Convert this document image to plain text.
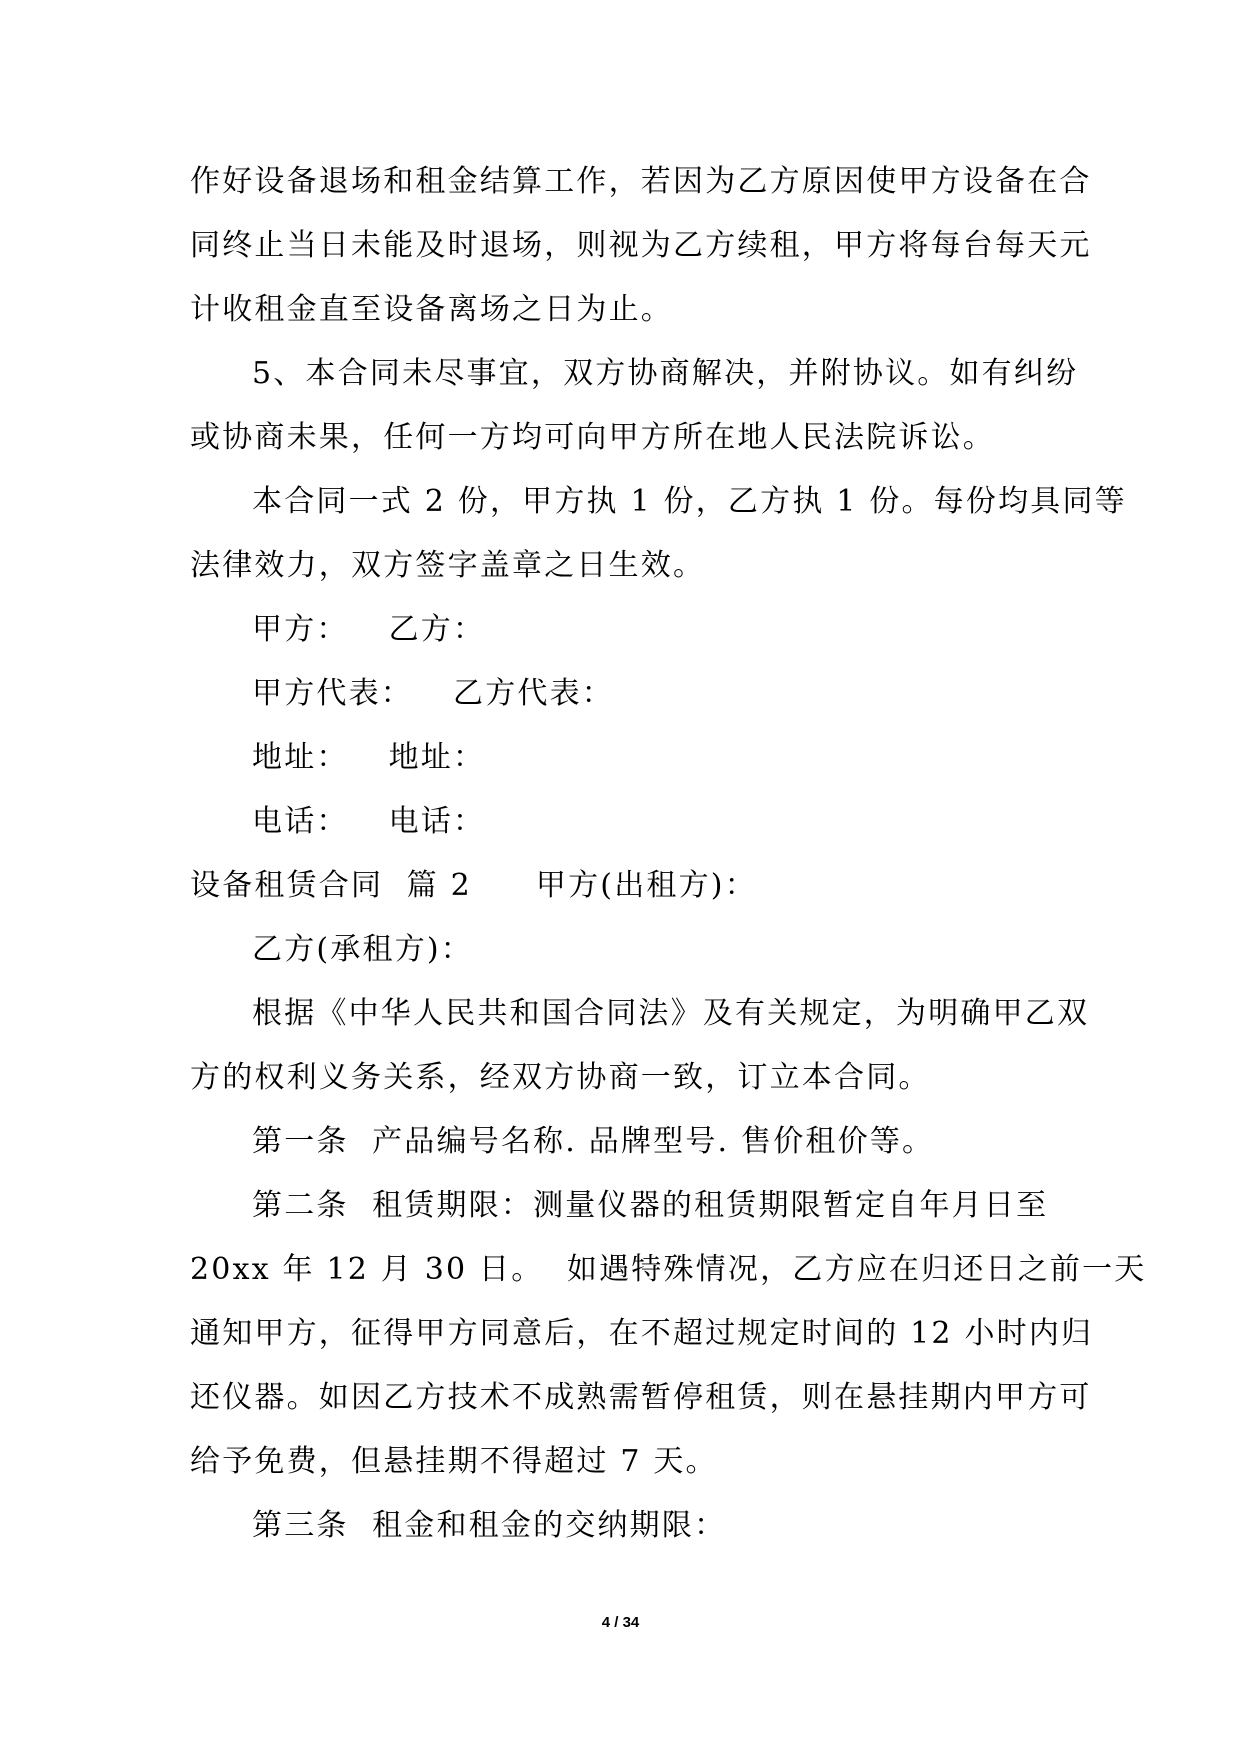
作好设备退场和租金结算工作，若因为乙方原因使甲方设备在合
同终止当日未能及时退场，则视为乙方续租，甲方将每台每天元
计收租金直至设备离场之日为止。
5、本合同未尽事宜，双方协商解决，并附协议。如有纠纷
或协商未果，任何一方均可向甲方所在地人民法院诉讼。
本合同一式 2 份，甲方执 1 份，乙方执 1 份。每份均具同等
法律效力，双方签字盖章之日生效。
甲方： 乙方：
甲方代表： 乙方代表：
地址： 地址：
电话： 电话：
设备租赁合同  篇 2 甲方(出租方)：
乙方(承租方)：
根据《中华人民共和国合同法》及有关规定，为明确甲乙双
方的权利义务关系，经双方协商一致，订立本合同。
第一条  产品编号名称. 品牌型号. 售价租价等。
第二条  租赁期限：测量仪器的租赁期限暂定自年月日至
20xx 年 12 月 30 日。  如遇特殊情况，乙方应在归还日之前一天
通知甲方，征得甲方同意后，在不超过规定时间的 12 小时内归
还仪器。如因乙方技术不成熟需暂停租赁，则在悬挂期内甲方可
给予免费，但悬挂期不得超过 7 天。
第三条  租金和租金的交纳期限：
4 / 34
